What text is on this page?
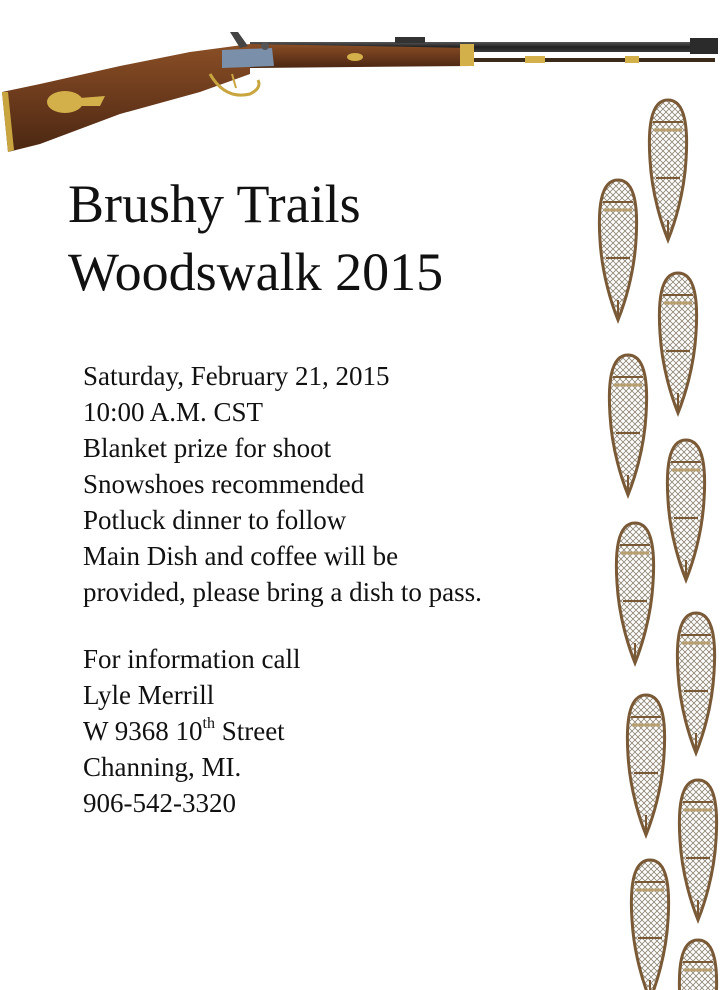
Brushy Trails
Woodswalk 2015
Saturday, February 21, 2015
10:00 A.M. CST
Blanket prize for shoot
Snowshoes recommended
Potluck dinner to follow
Main Dish and coffee will be
provided, please bring a dish to pass.
For information call
Lyle Merrill
W 9368 10th Street
Channing, MI.
906-542-3320
